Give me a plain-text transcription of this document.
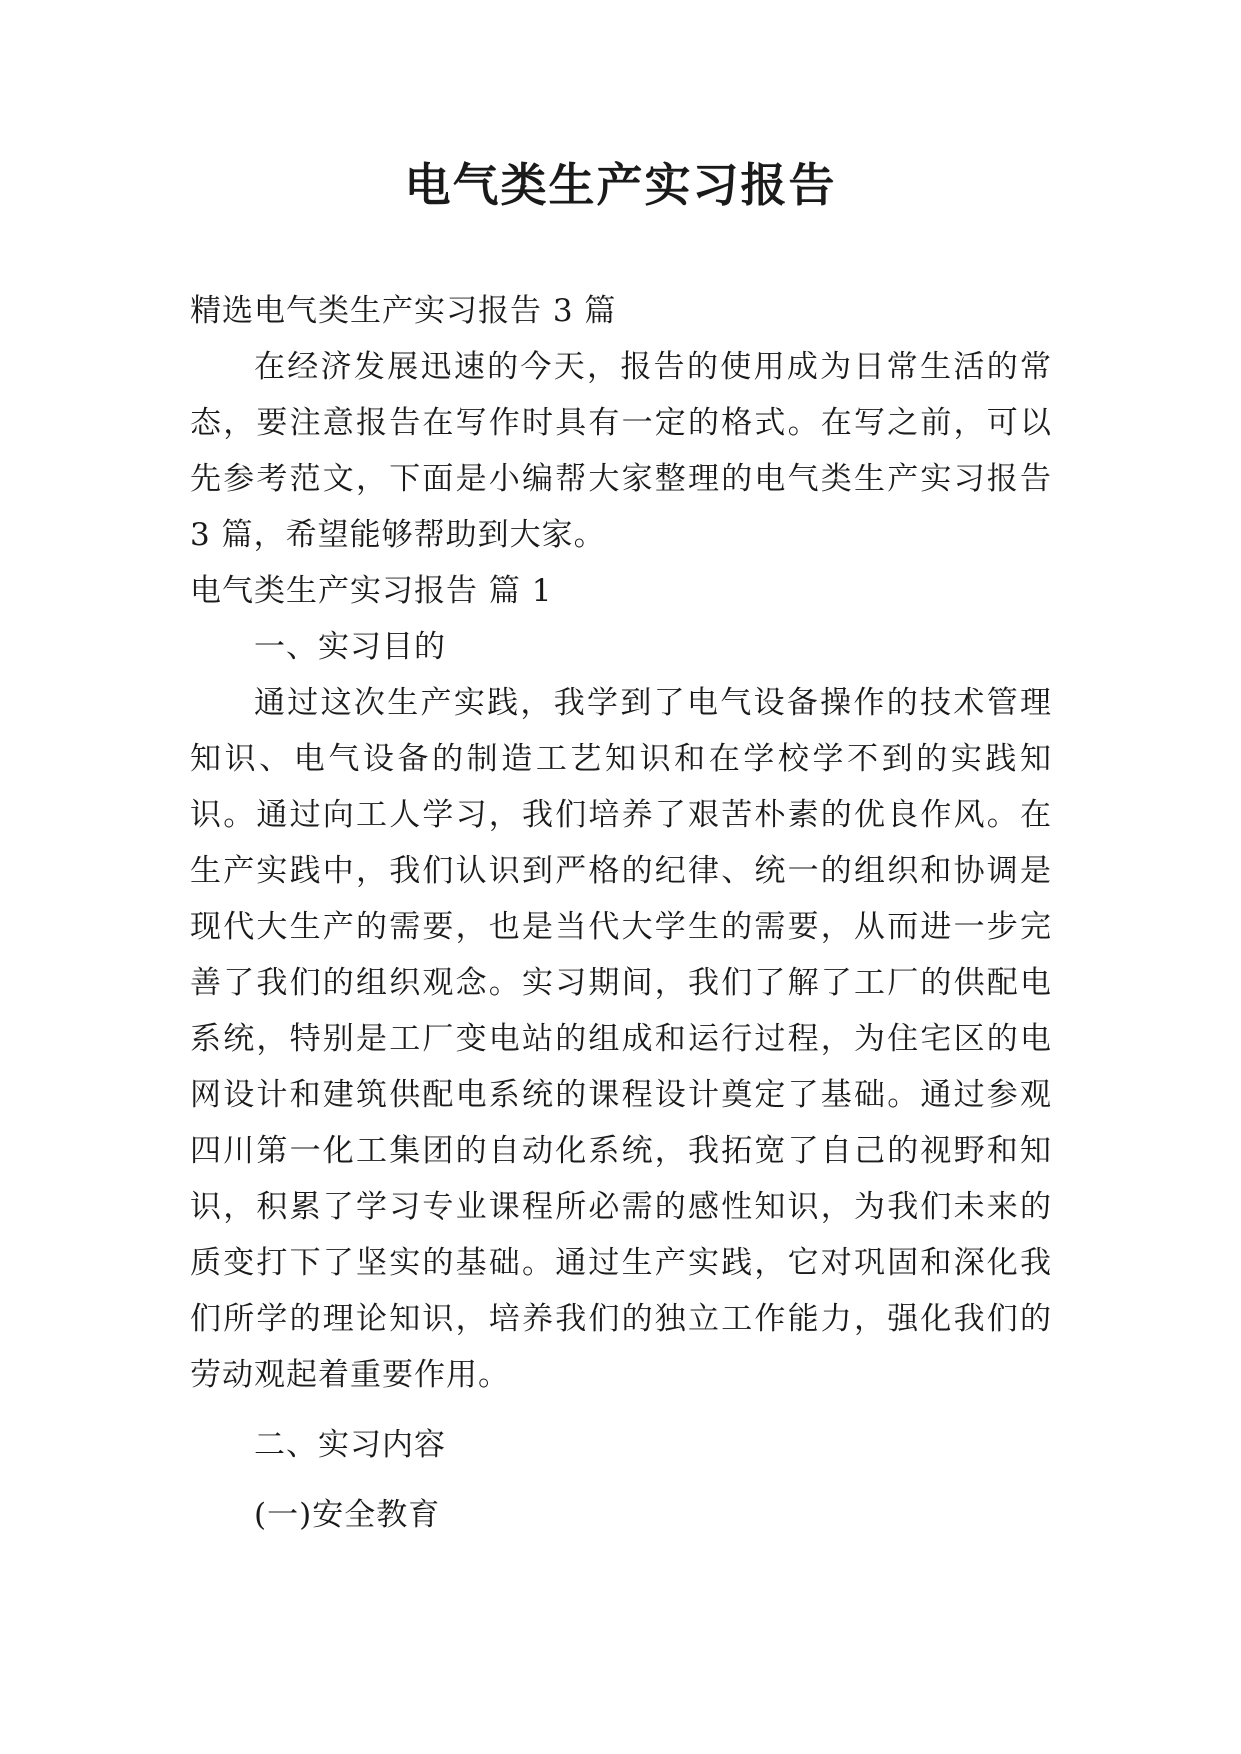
电气类生产实习报告

精选电气类生产实习报告 3 篇

在经济发展迅速的今天，报告的使用成为日常生活的常态，要注意报告在写作时具有一定的格式。在写之前，可以先参考范文，下面是小编帮大家整理的电气类生产实习报告 3 篇，希望能够帮助到大家。

电气类生产实习报告 篇 1

一、实习目的

通过这次生产实践，我学到了电气设备操作的技术管理知识、电气设备的制造工艺知识和在学校学不到的实践知识。通过向工人学习，我们培养了艰苦朴素的优良作风。在生产实践中，我们认识到严格的纪律、统一的组织和协调是现代大生产的需要，也是当代大学生的需要，从而进一步完善了我们的组织观念。实习期间，我们了解了工厂的供配电系统，特别是工厂变电站的组成和运行过程，为住宅区的电网设计和建筑供配电系统的课程设计奠定了基础。通过参观四川第一化工集团的自动化系统，我拓宽了自己的视野和知识，积累了学习专业课程所必需的感性知识，为我们未来的质变打下了坚实的基础。通过生产实践，它对巩固和深化我们所学的理论知识，培养我们的独立工作能力，强化我们的劳动观起着重要作用。

二、实习内容

(一)安全教育
